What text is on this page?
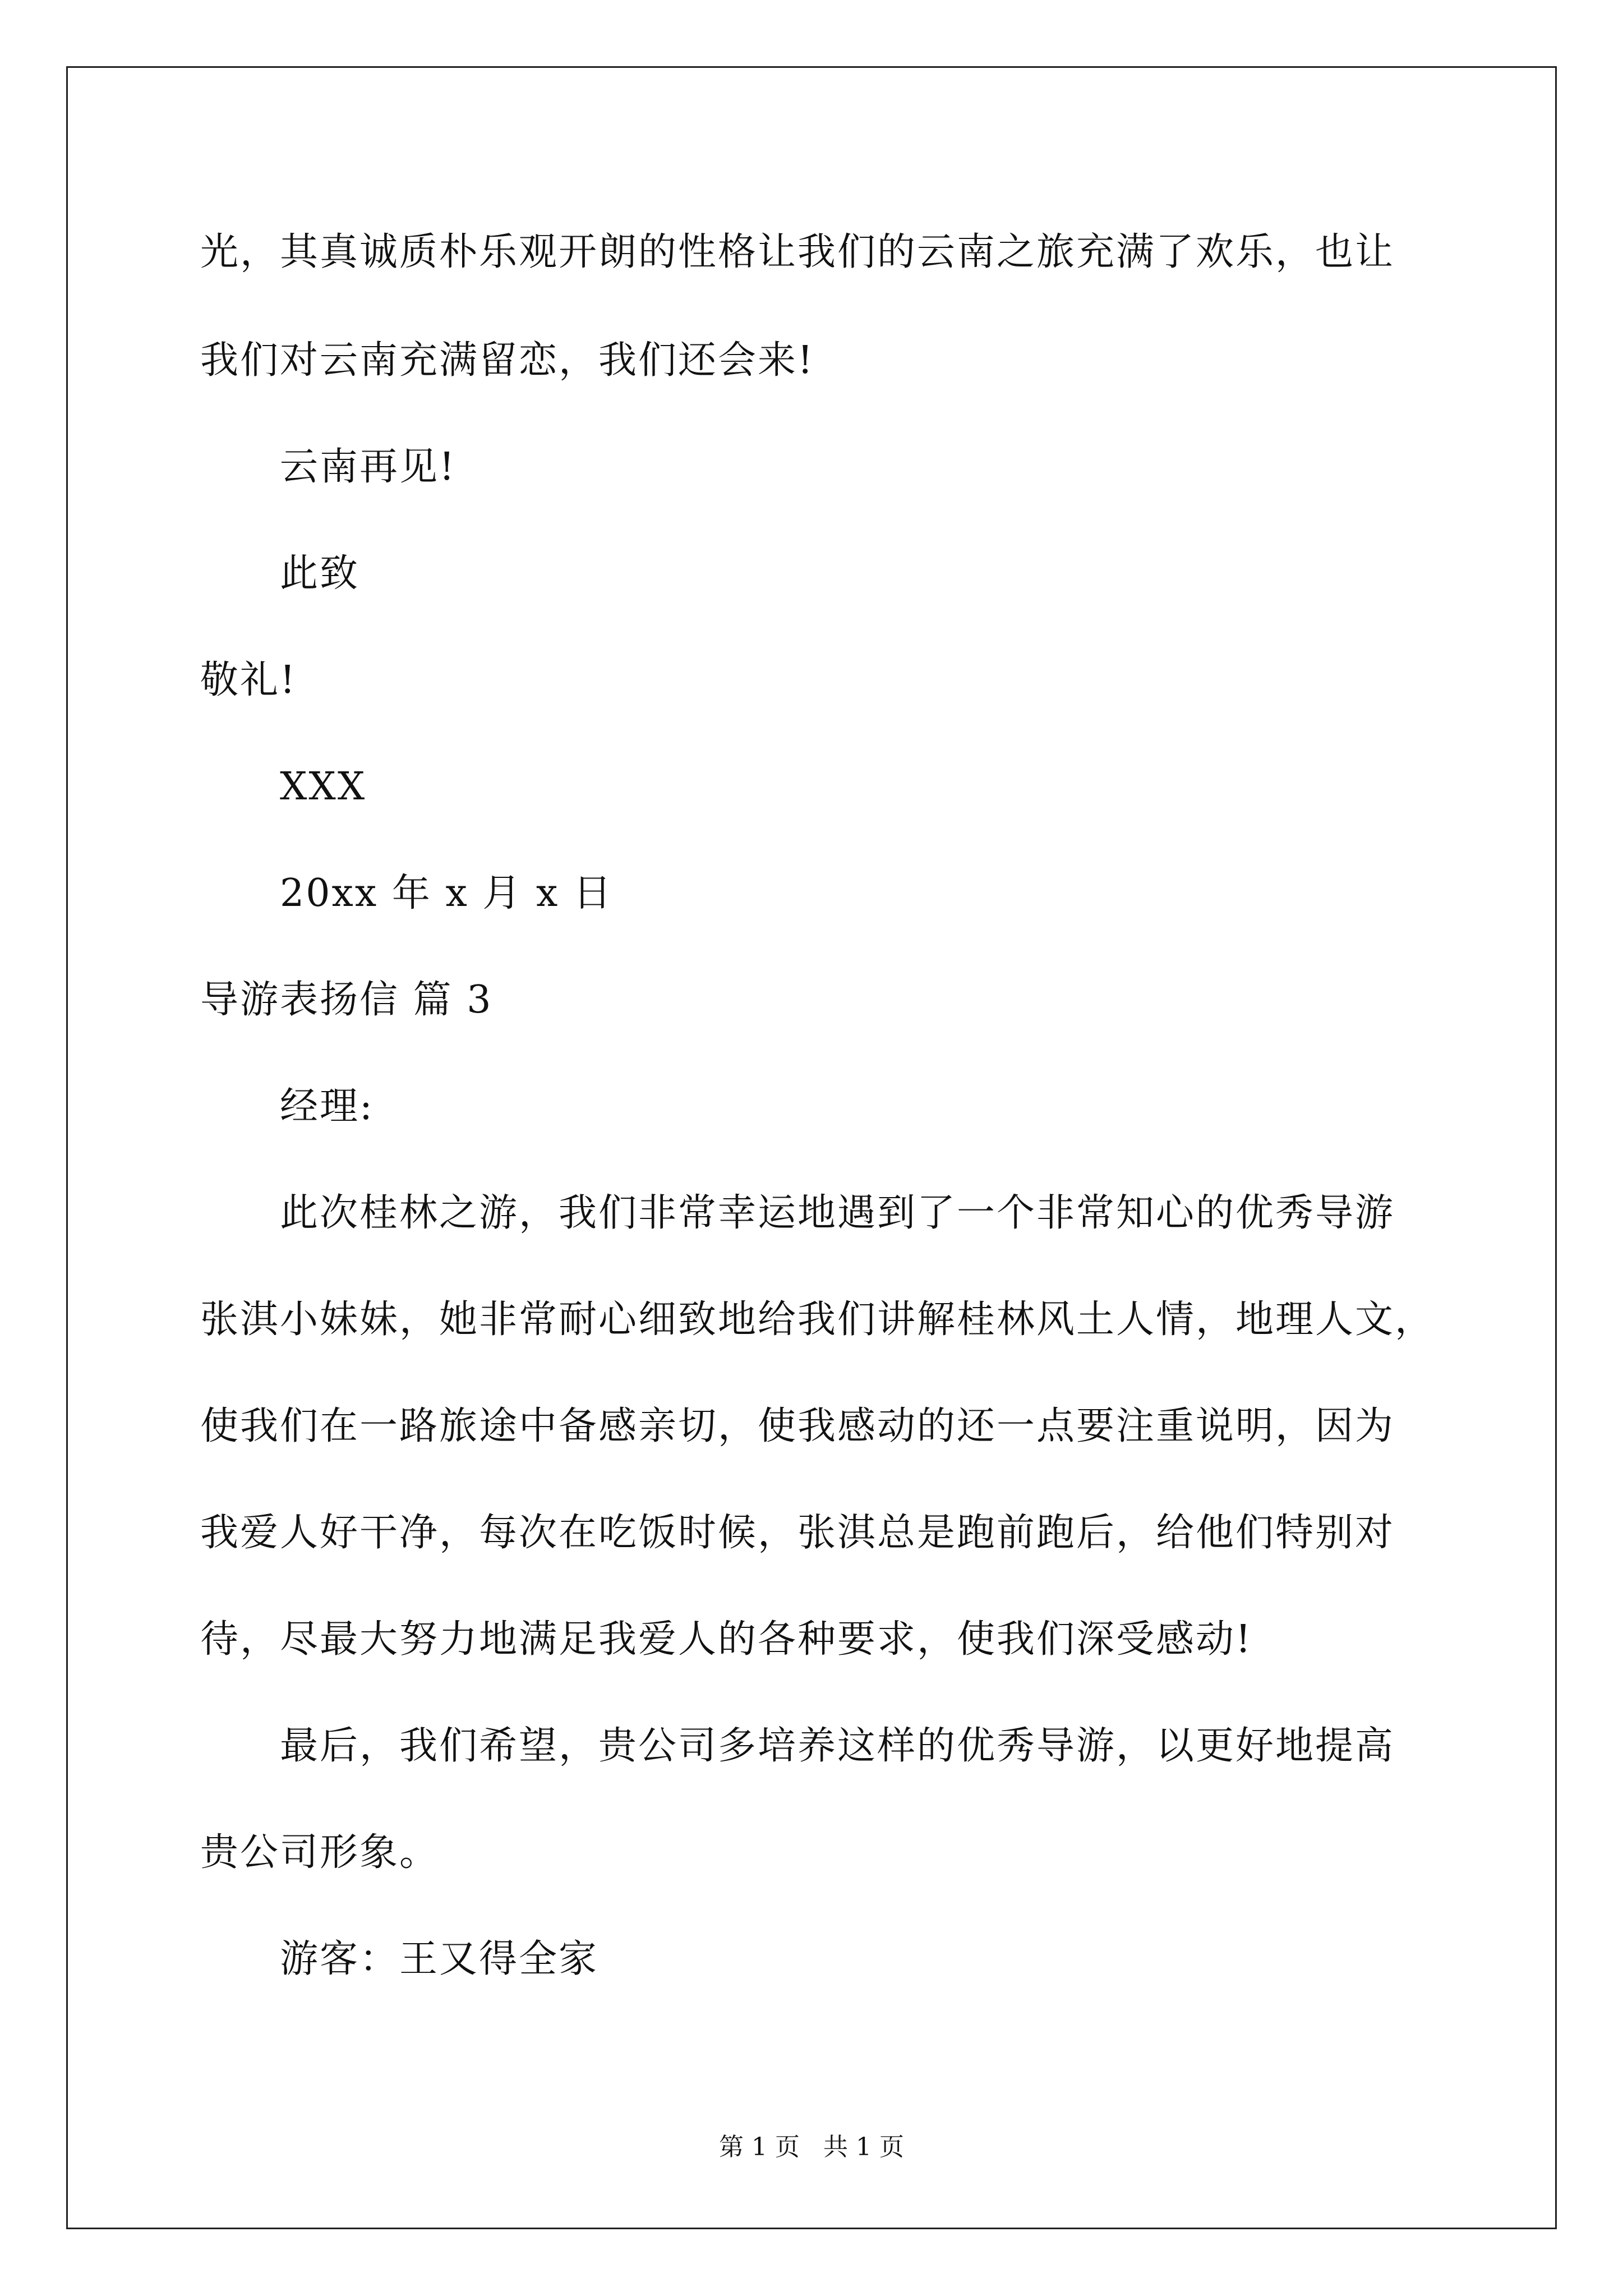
光，其真诚质朴乐观开朗的性格让我们的云南之旅充满了欢乐，也让
我们对云南充满留恋，我们还会来!
云南再见!
此致
敬礼!
XXX
20xx 年 x 月 x 日
导游表扬信 篇 3
经理:
此次桂林之游，我们非常幸运地遇到了一个非常知心的优秀导游
张淇小妹妹，她非常耐心细致地给我们讲解桂林风土人情，地理人文，
使我们在一路旅途中备感亲切，使我感动的还一点要注重说明，因为
我爱人好干净，每次在吃饭时候，张淇总是跑前跑后，给他们特别对
待，尽最大努力地满足我爱人的各种要求，使我们深受感动!
最后，我们希望，贵公司多培养这样的优秀导游，以更好地提高
贵公司形象。
游客：王又得全家
第 1 页   共 1 页
